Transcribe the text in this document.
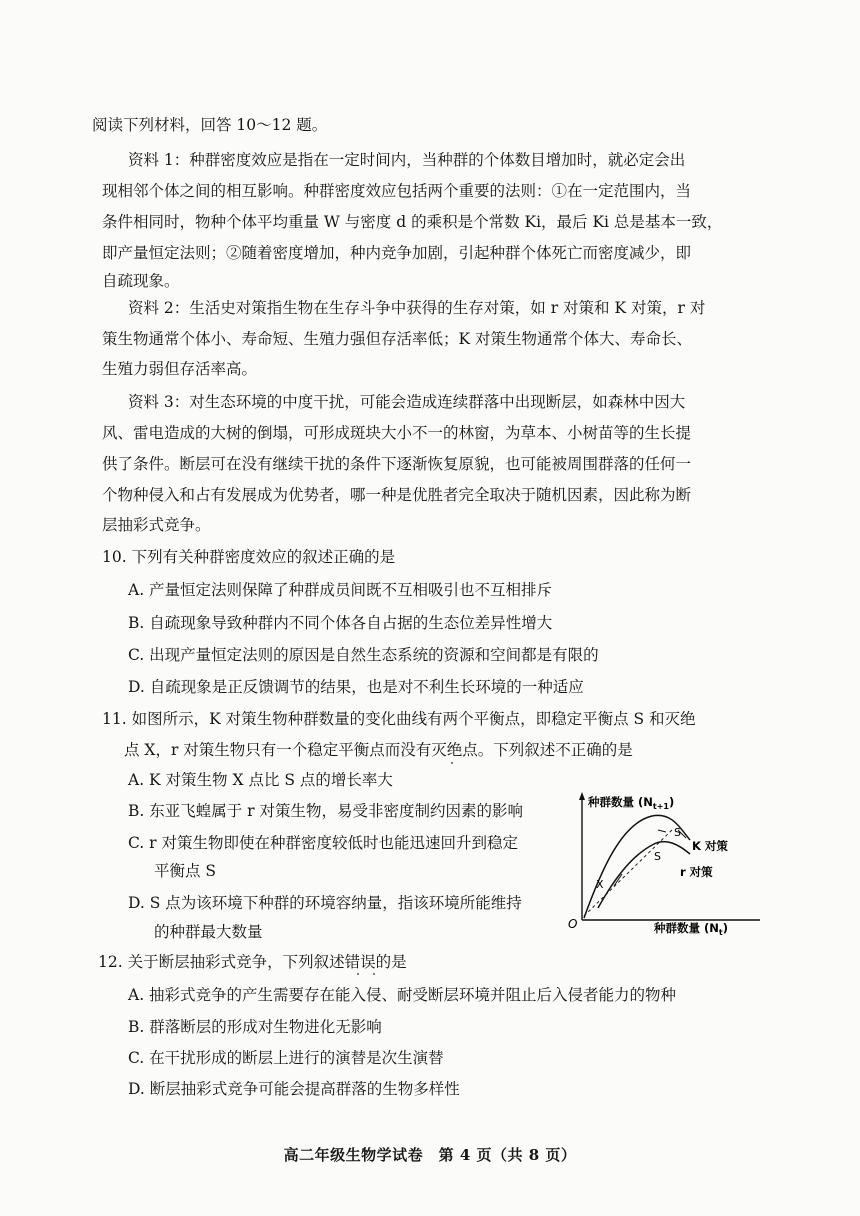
阅读下列材料，回答 10～12 题。
资料 1：种群密度效应是指在一定时间内，当种群的个体数目增加时，就必定会出
现相邻个体之间的相互影响。种群密度效应包括两个重要的法则：①在一定范围内，当
条件相同时，物种个体平均重量 W 与密度 d 的乘积是个常数 Ki，最后 Ki 总是基本一致，
即产量恒定法则；②随着密度增加，种内竞争加剧，引起种群个体死亡而密度减少，即
自疏现象。
资料 2：生活史对策指生物在生存斗争中获得的生存对策，如 r 对策和 K 对策，r 对
策生物通常个体小、寿命短、生殖力强但存活率低；K 对策生物通常个体大、寿命长、
生殖力弱但存活率高。
资料 3：对生态环境的中度干扰，可能会造成连续群落中出现断层，如森林中因大
风、雷电造成的大树的倒塌，可形成斑块大小不一的林窗，为草本、小树苗等的生长提
供了条件。断层可在没有继续干扰的条件下逐渐恢复原貌，也可能被周围群落的任何一
个物种侵入和占有发展成为优势者，哪一种是优胜者完全取决于随机因素，因此称为断
层抽彩式竞争。
10. 下列有关种群密度效应的叙述正确的是
A. 产量恒定法则保障了种群成员间既不互相吸引也不互相排斥
B. 自疏现象导致种群内不同个体各自占据的生态位差异性增大
C. 出现产量恒定法则的原因是自然生态系统的资源和空间都是有限的
D. 自疏现象是正反馈调节的结果，也是对不利生长环境的一种适应
11. 如图所示，K 对策生物种群数量的变化曲线有两个平衡点，即稳定平衡点 S 和灭绝
点 X，r 对策生物只有一个稳定平衡点而没有灭绝点。下列叙述不正确的是
A. K 对策生物 X 点比 S 点的增长率大
B. 东亚飞蝗属于 r 对策生物，易受非密度制约因素的影响
C. r 对策生物即使在种群密度较低时也能迅速回升到稳定
平衡点 S
D. S 点为该环境下种群的环境容纳量，指该环境所能维持
的种群最大数量
种群数量 $(N_{t+1})$
种群数量 $(N_t)$
O
S
S
X
K 对策
r 对策
12. 关于断层抽彩式竞争，下列叙述错误的是
A. 抽彩式竞争的产生需要存在能入侵、耐受断层环境并阻止后入侵者能力的物种
B. 群落断层的形成对生物进化无影响
C. 在干扰形成的断层上进行的演替是次生演替
D. 断层抽彩式竞争可能会提高群落的生物多样性
高二年级生物学试卷　第 4 页（共 8 页）
